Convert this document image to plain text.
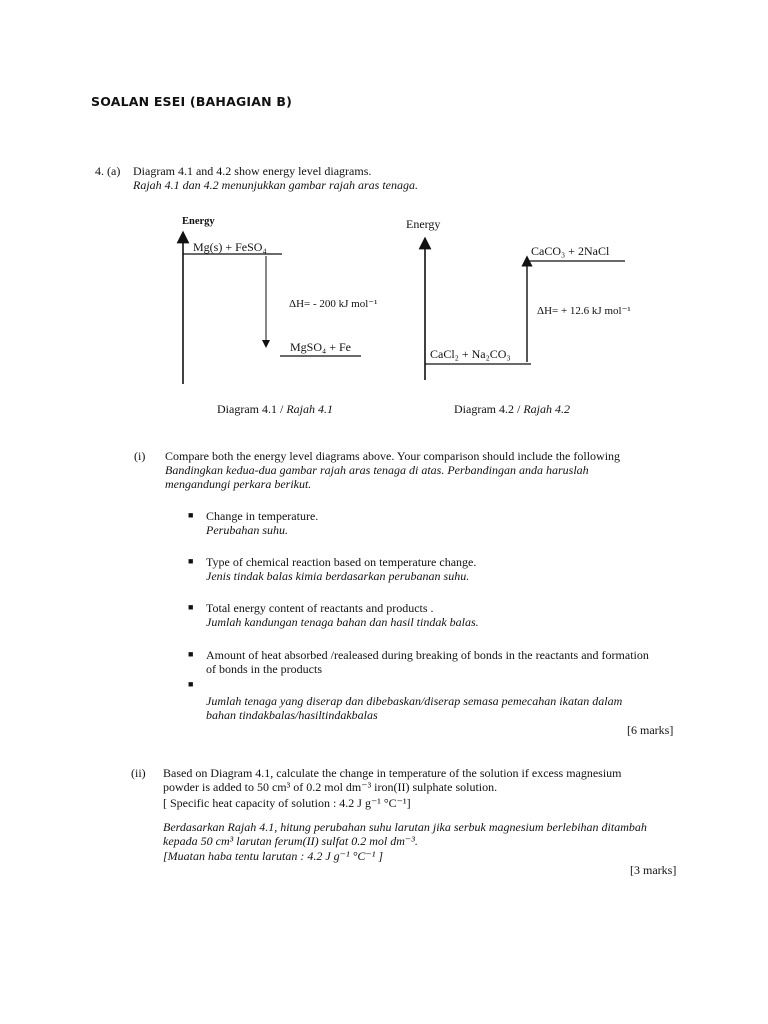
SOALAN ESEI (BAHAGIAN B)
4. (a) Diagram 4.1 and 4.2 show energy level diagrams.
Rajah 4.1 dan 4.2 menunjukkan gambar rajah aras tenaga.
Energy
Mg(s) + FeSO₄
ΔH= - 200 kJ mol⁻¹
MgSO₄ + Fe
Diagram 4.1 / Rajah 4.1
Energy
CaCO₃ + 2NaCl
ΔH= + 12.6 kJ mol⁻¹
CaCl₂ + Na₂CO₃
Diagram 4.2 / Rajah 4.2
(i) Compare both the energy level diagrams above. Your comparison should include the following
Bandingkan kedua-dua gambar rajah aras tenaga di atas. Perbandingan anda haruslah
mengandungi perkara berikut.
■ Change in temperature.
Perubahan suhu.
■ Type of chemical reaction based on temperature change.
Jenis tindak balas kimia berdasarkan perubanan suhu.
■ Total energy content of reactants and products .
Jumlah kandungan tenaga bahan dan hasil tindak balas.
■ Amount of heat absorbed /realeased during breaking of bonds in the reactants and formation
of bonds in the products
■
Jumlah tenaga yang diserap dan dibebaskan/diserap semasa pemecahan ikatan dalam
bahan tindakbalas/hasiltindakbalas
[6 marks]
(ii) Based on Diagram 4.1, calculate the change in temperature of the solution if excess magnesium
powder is added to 50 cm³ of 0.2 mol dm⁻³ iron(II) sulphate solution.
[ Specific heat capacity of solution : 4.2 J g⁻¹ °C⁻¹]
Berdasarkan Rajah 4.1, hitung perubahan suhu larutan jika serbuk magnesium berlebihan ditambah
kepada 50 cm³ larutan ferum(II) sulfat 0.2 mol dm⁻³.
[Muatan haba tentu larutan : 4.2 J g⁻¹ °C⁻¹ ]
[3 marks]
